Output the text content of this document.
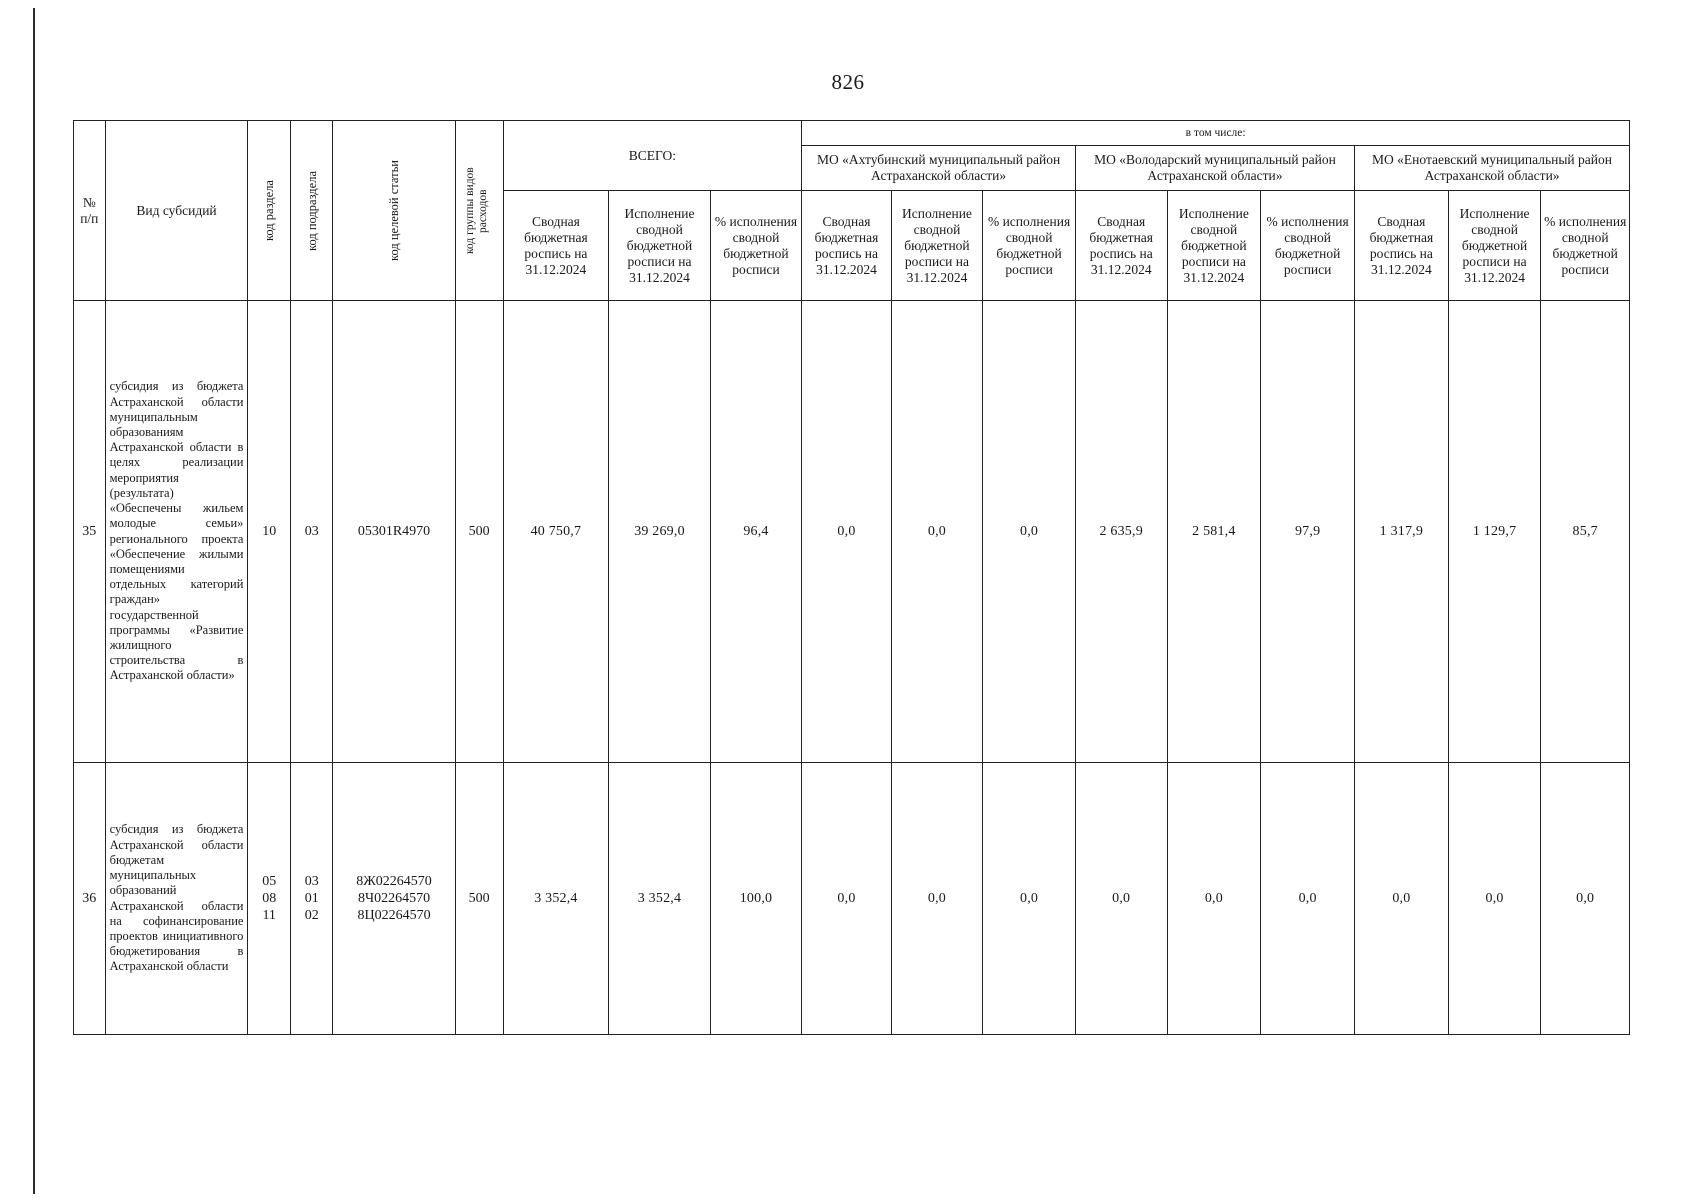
826
№ п/п	Вид субсидий	код раздела	код подраздела	код целевой статьи	код группы видов расходов	ВСЕГО:			в том числе:								
									МО «Ахтубинский муниципальный район Астраханской области»			МО «Володарский муниципальный район Астраханской области»			МО «Енотаевский муниципальный район Астраханской области»		
						Сводная бюджетная роспись на 31.12.2024	Исполнение сводной бюджетной росписи на 31.12.2024	% исполнения сводной бюджетной росписи	Сводная бюджетная роспись на 31.12.2024	Исполнение сводной бюджетной росписи на 31.12.2024	% исполнения сводной бюджетной росписи	Сводная бюджетная роспись на 31.12.2024	Исполнение сводной бюджетной росписи на 31.12.2024	% исполнения сводной бюджетной росписи	Сводная бюджетная роспись на 31.12.2024	Исполнение сводной бюджетной росписи на 31.12.2024	% исполнения сводной бюджетной росписи
35	субсидия из бюджета Астраханской области муниципальным образованиям Астраханской области в целях реализации мероприятия (результата) «Обеспечены жильем молодые семьи» регионального проекта «Обеспечение жилыми помещениями отдельных категорий граждан» государственной программы «Развитие жилищного строительства в Астраханской области»	10	03	05301R4970	500	40 750,7	39 269,0	96,4	0,0	0,0	0,0	2 635,9	2 581,4	97,9	1 317,9	1 129,7	85,7
36	субсидия из бюджета Астраханской области бюджетам муниципальных образований Астраханской области на софинансирование проектов инициативного бюджетирования в Астраханской области	05
08
11	03
01
02	8Ж02264570
8Ч02264570
8Ц02264570	500	3 352,4	3 352,4	100,0	0,0	0,0	0,0	0,0	0,0	0,0	0,0	0,0	0,0
